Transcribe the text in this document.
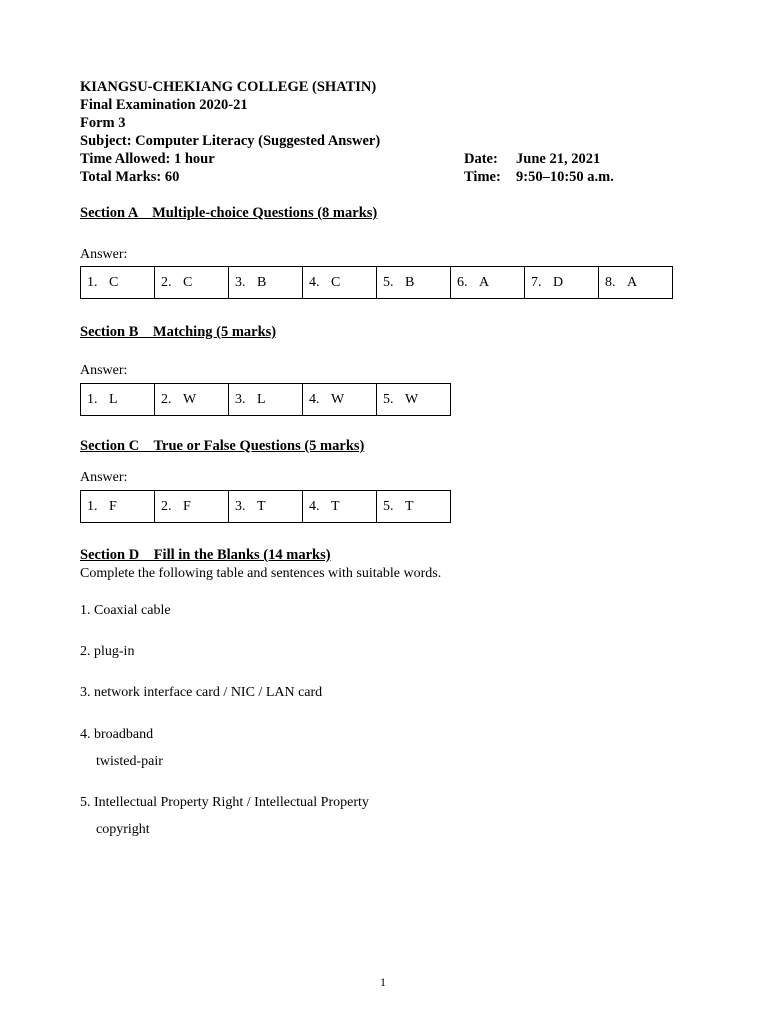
KIANGSU-CHEKIANG COLLEGE (SHATIN)
Final Examination 2020-21
Form 3
Subject: Computer Literacy (Suggested Answer)
Time Allowed: 1 hour
Total Marks: 60
Date: June 21, 2021
Time: 9:50–10:50 a.m.
Section A    Multiple-choice Questions (8 marks)
Answer:
1. C	2. C	3. B	4. C	5. B	6. A	7. D	8. A
Section B    Matching (5 marks)
Answer:
1. L	2. W	3. L	4. W	5. W
Section C    True or False Questions (5 marks)
Answer:
1. F	2. F	3. T	4. T	5. T
Section D    Fill in the Blanks (14 marks)
Complete the following table and sentences with suitable words.
1. Coaxial cable
2. plug-in
3. network interface card / NIC / LAN card
4. broadband
twisted-pair
5. Intellectual Property Right / Intellectual Property
copyright
1
